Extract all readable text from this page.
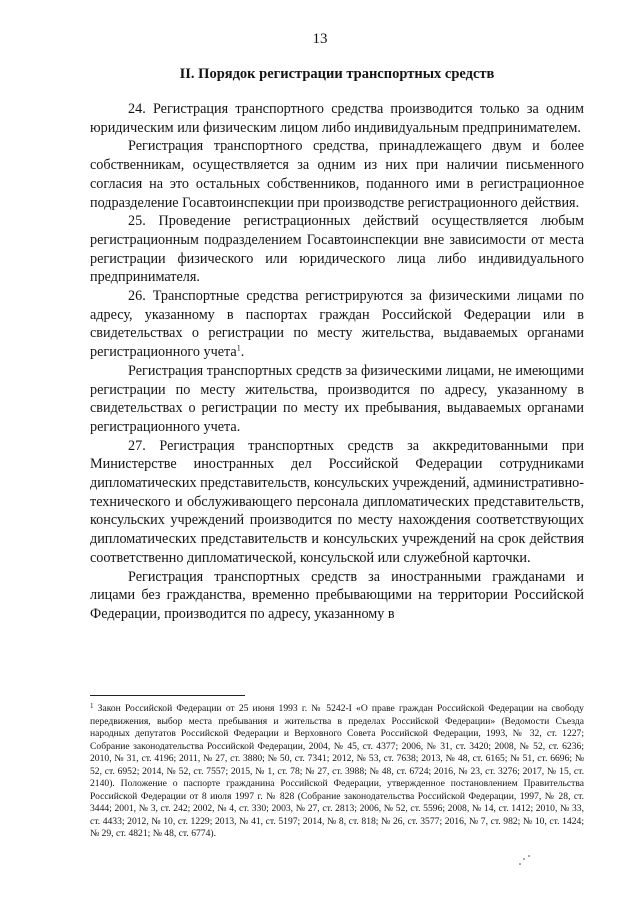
13
II. Порядок регистрации транспортных средств

24. Регистрация транспортного средства производится только за одним юридическим или физическим лицом либо индивидуальным предпринимателем.

Регистрация транспортного средства, принадлежащего двум и более собственникам, осуществляется за одним из них при наличии письменного согласия на это остальных собственников, поданного ими в регистрационное подразделение Госавтоинспекции при производстве регистрационного действия.

25. Проведение регистрационных действий осуществляется любым регистрационным подразделением Госавтоинспекции вне зависимости от места регистрации физического или юридического лица либо индивидуального предпринимателя.

26. Транспортные средства регистрируются за физическими лицами по адресу, указанному в паспортах граждан Российской Федерации или в свидетельствах о регистрации по месту жительства, выдаваемых органами регистрационного учета$^1$.

Регистрация транспортных средств за физическими лицами, не имеющими регистрации по месту жительства, производится по адресу, указанному в свидетельствах о регистрации по месту их пребывания, выдаваемых органами регистрационного учета.

27. Регистрация транспортных средств за аккредитованными при Министерстве иностранных дел Российской Федерации сотрудниками дипломатических представительств, консульских учреждений, административно-технического и обслуживающего персонала дипломатических представительств, консульских учреждений производится по месту нахождения соответствующих дипломатических представительств и консульских учреждений на срок действия соответственно дипломатической, консульской или служебной карточки.

Регистрация транспортных средств за иностранными гражданами и лицами без гражданства, временно пребывающими на территории Российской Федерации, производится по адресу, указанному в

$^1$ Закон Российской Федерации от 25 июня 1993 г. № 5242-I «О праве граждан Российской Федерации на свободу передвижения, выбор места пребывания и жительства в пределах Российской Федерации» (Ведомости Съезда народных депутатов Российской Федерации и Верховного Совета Российской Федерации, 1993, № 32, ст. 1227; Собрание законодательства Российской Федерации, 2004, № 45, ст. 4377; 2006, № 31, ст. 3420; 2008, № 52, ст. 6236; 2010, № 31, ст. 4196; 2011, № 27, ст. 3880; № 50, ст. 7341; 2012, № 53, ст. 7638; 2013, № 48, ст. 6165; № 51, ст. 6696; № 52, ст. 6952; 2014, № 52, ст. 7557; 2015, № 1, ст. 78; № 27, ст. 3988; № 48, ст. 6724; 2016, № 23, ст. 3276; 2017, № 15, ст. 2140). Положение о паспорте гражданина Российской Федерации, утвержденное постановлением Правительства Российской Федерации от 8 июля 1997 г. № 828 (Собрание законодательства Российской Федерации, 1997, № 28, ст. 3444; 2001, № 3, ст. 242; 2002, № 4, ст. 330; 2003, № 27, ст. 2813; 2006, № 52, ст. 5596; 2008, № 14, ст. 1412; 2010, № 33, ст. 4433; 2012, № 10, ст. 1229; 2013, № 41, ст. 5197; 2014, № 8, ст. 818; № 26, ст. 3577; 2016, № 7, ст. 982; № 10, ст. 1424; № 29, ст. 4821; № 48, ст. 6774).
